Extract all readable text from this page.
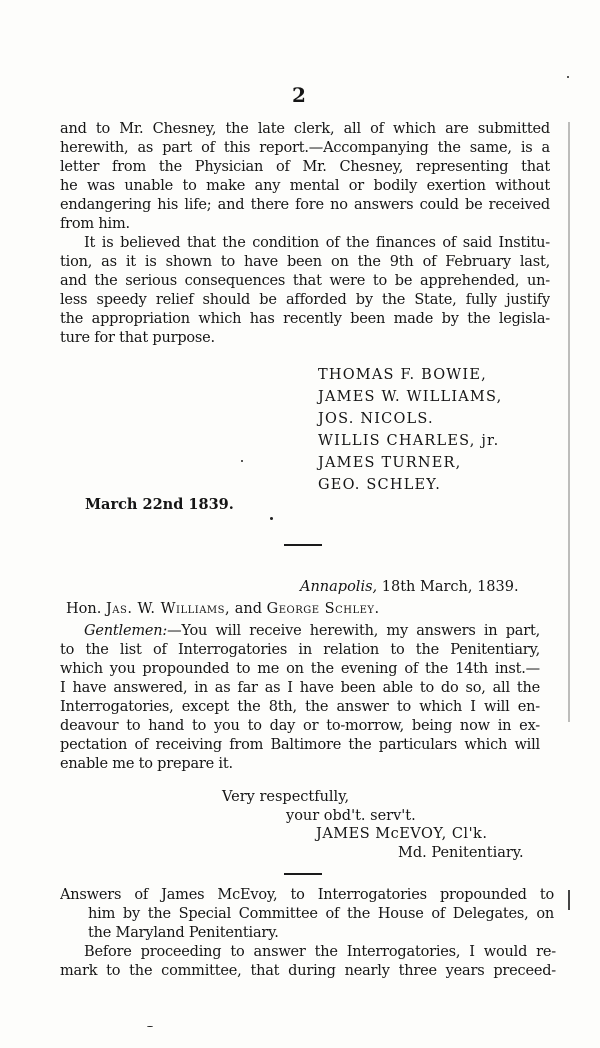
2
and to Mr. Chesney, the late clerk, all of which are submitted
herewith, as part of this report.—Accompanying the same, is a
letter from the Physician of Mr. Chesney, representing that
he was unable to make any mental or bodily exertion without
endangering his life; and there fore no answers could be received
from him.
It is believed that the condition of the finances of said Institu-
tion, as it is shown to have been on the 9th of February last,
and the serious consequences that were to be apprehended, un-
less speedy relief should be afforded by the State, fully justify
the appropriation which has recently been made by the legisla-
ture for that purpose.
THOMAS F. BOWIE,
JAMES W. WILLIAMS,
JOS. NICOLS.
WILLIS CHARLES, jr.
JAMES TURNER,
GEO. SCHLEY.
March 22nd 1839.
Annapolis, 18th March, 1839.
Hon. Jas. W. Williams, and George Schley.
Gentlemen:—You will receive herewith, my answers in part,
to the list of Interrogatories in relation to the Penitentiary,
which you propounded to me on the evening of the 14th inst.—
I have answered, in as far as I have been able to do so, all the
Interrogatories, except the 8th, the answer to which I will en-
deavour to hand to you to day or to-morrow, being now in ex-
pectation of receiving from Baltimore the particulars which will
enable me to prepare it.
Very respectfully,
your obd't. serv't.
JAMES McEVOY, Cl'k.
Md. Penitentiary.
Answers of James McEvoy, to Interrogatories propounded to
him by the Special Committee of the House of Delegates, on
the Maryland Penitentiary.
Before proceeding to answer the Interrogatories, I would re-
mark to the committee, that during nearly three years preceed-
